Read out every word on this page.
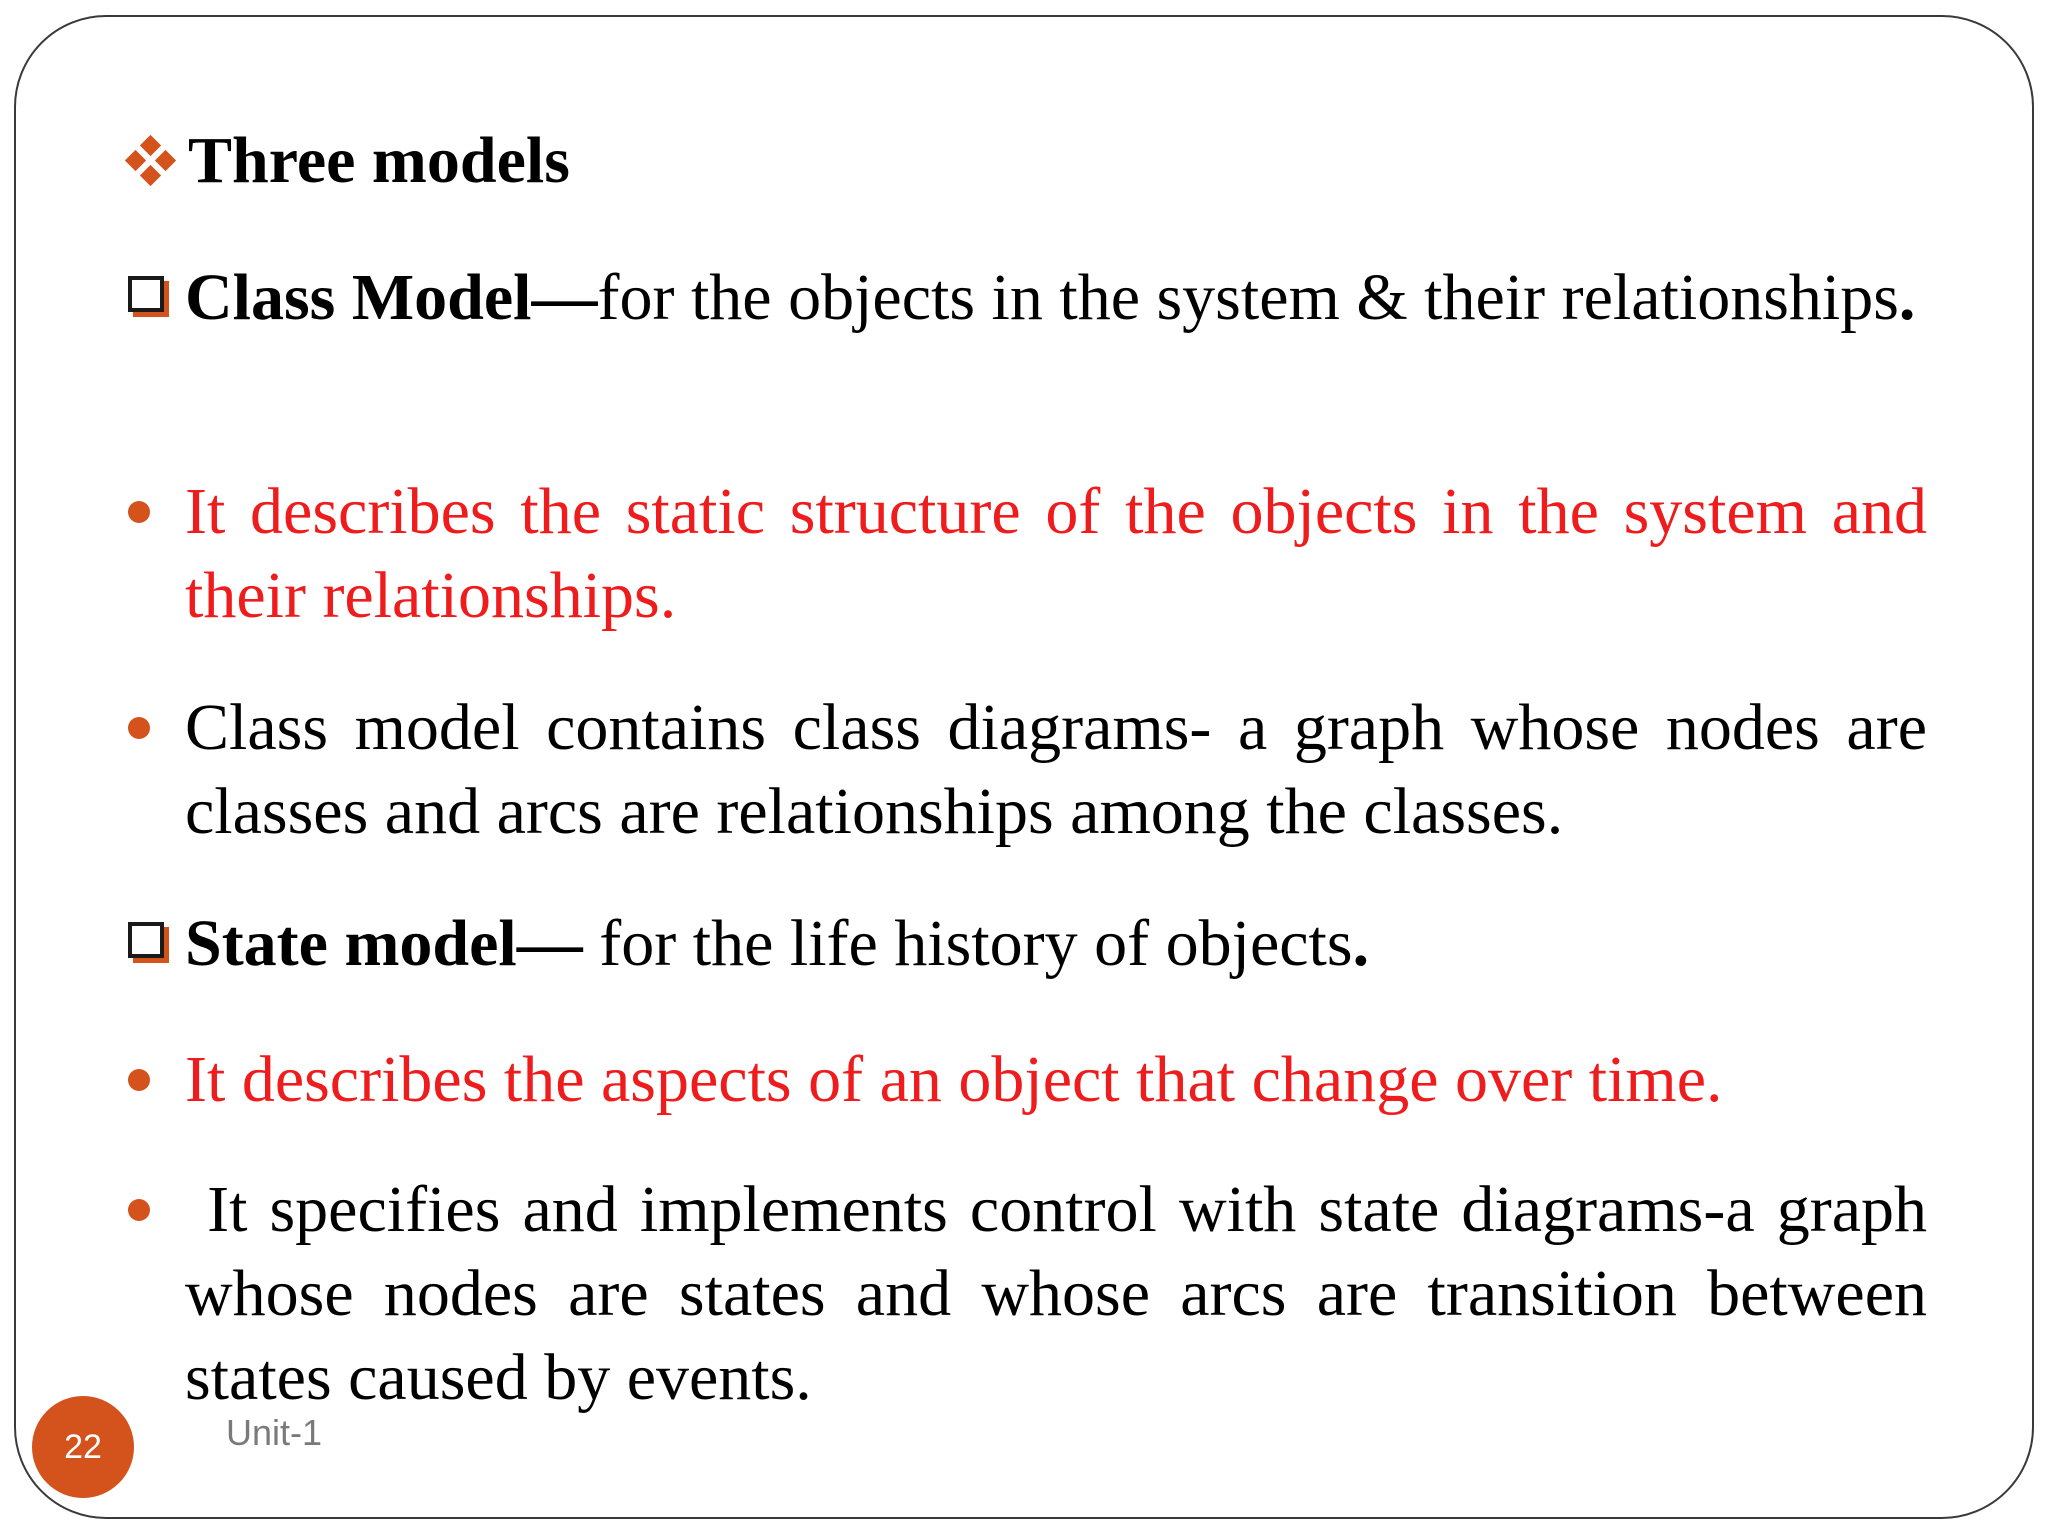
Three models
Class Model—for the objects in the system & their relationships.
It describes the static structure of the objects in the system and their relationships.
Class model contains class diagrams- a graph whose nodes are classes and arcs are relationships among the classes.
State model— for the life history of objects.
It describes the aspects of an object that change over time.
It specifies and implements control with state diagrams-a graph whose nodes are states and whose arcs are transition between states caused by events.
22	Unit-1
